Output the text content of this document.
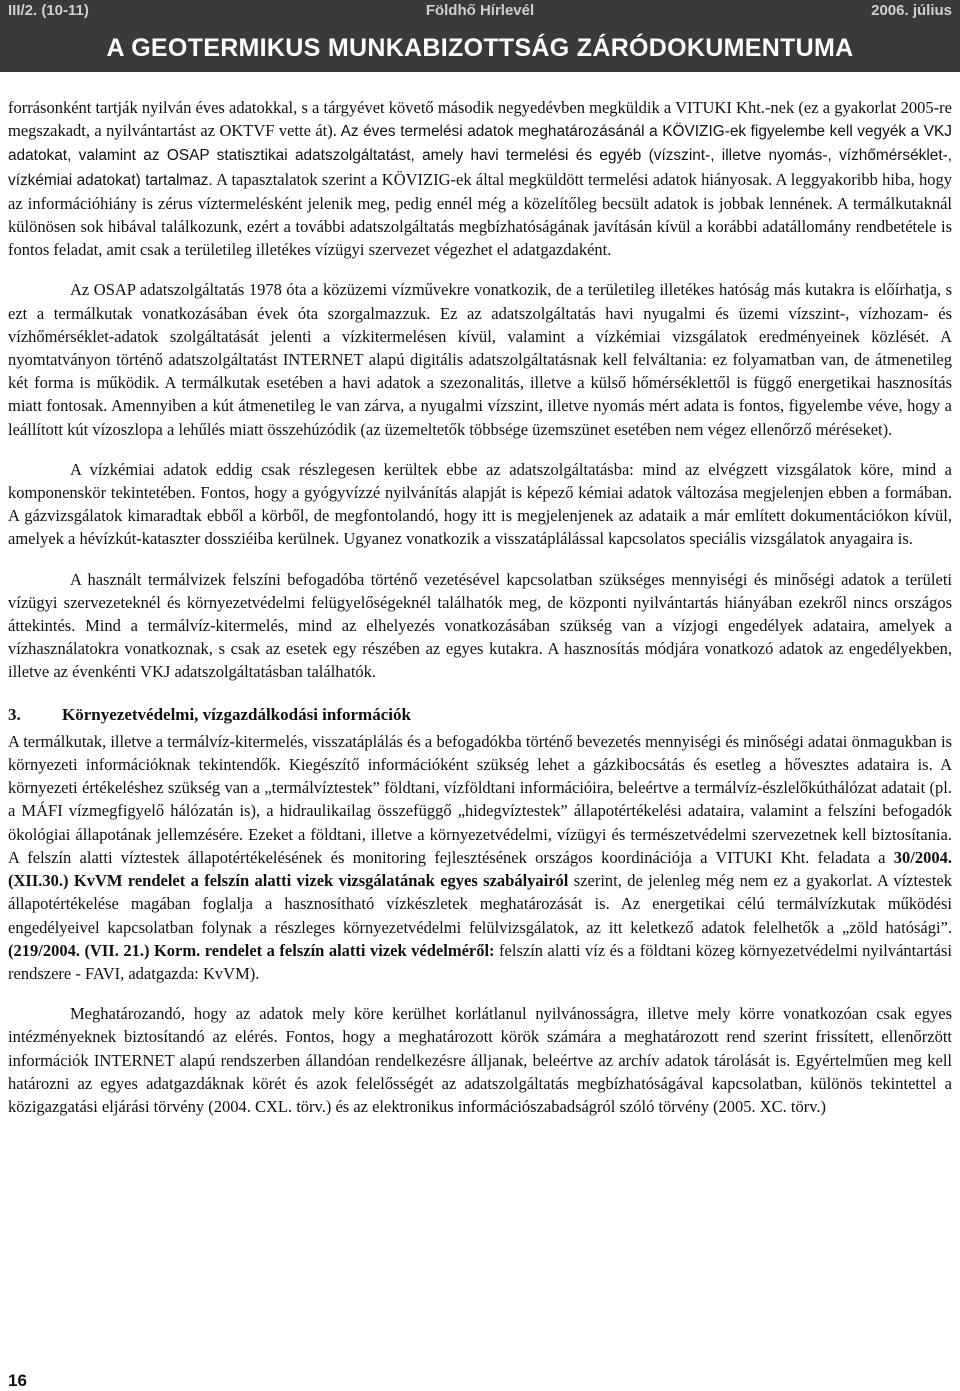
III/2. (10-11)	Földhő Hírlevél	2006. július
A GEOTERMIKUS MUNKABIZOTTSÁG ZÁRÓDOKUMENTUMA

forrásonként tartják nyilván éves adatokkal, s a tárgyévet követő második negyedévben megküldik a VITUKI Kht.-nek (ez a gyakorlat 2005-re megszakadt, a nyilvántartást az OKTVF vette át). Az éves termelési adatok meghatározásánál a KÖVIZIG-ek figyelembe kell vegyék a VKJ adatokat, valamint az OSAP statisztikai adatszolgáltatást, amely havi termelési és egyéb (vízszint-, illetve nyomás-, vízhőmérséklet-, vízkémiai adatokat) tartalmaz. A tapasztalatok szerint a KÖVIZIG-ek által megküldött termelési adatok hiányosak. A leggyakoribb hiba, hogy az információhiány is zérus víztermelésként jelenik meg, pedig ennél még a közelítőleg becsült adatok is jobbak lennének. A termálkutaknál különösen sok hibával találkozunk, ezért a további adatszolgáltatás megbízhatóságának javításán kívül a korábbi adatállomány rendbetétele is fontos feladat, amit csak a területileg illetékes vízügyi szervezet végezhet el adatgazdaként.

Az OSAP adatszolgáltatás 1978 óta a közüzemi vízművekre vonatkozik, de a területileg illetékes hatóság más kutakra is előírhatja, s ezt a termálkutak vonatkozásában évek óta szorgalmazzuk. Ez az adatszolgáltatás havi nyugalmi és üzemi vízszint-, vízhozam- és vízhőmérséklet-adatok szolgáltatását jelenti a vízkitermelésen kívül, valamint a vízkémiai vizsgálatok eredményeinek közlését. A nyomtatványon történő adatszolgáltatást INTERNET alapú digitális adatszolgáltatásnak kell felváltania: ez folyamatban van, de átmenetileg két forma is működik. A termálkutak esetében a havi adatok a szezonalitás, illetve a külső hőmérséklettől is függő energetikai hasznosítás miatt fontosak. Amennyiben a kút átmenetileg le van zárva, a nyugalmi vízszint, illetve nyomás mért adata is fontos, figyelembe véve, hogy a leállított kút vízoszlopa a lehűlés miatt összehúzódik (az üzemeltetők többsége üzemszünet esetében nem végez ellenőrző méréseket).

A vízkémiai adatok eddig csak részlegesen kerültek ebbe az adatszolgáltatásba: mind az elvégzett vizsgálatok köre, mind a komponenskör tekintetében. Fontos, hogy a gyógyvízzé nyilvánítás alapját is képező kémiai adatok változása megjelenjen ebben a formában. A gázvizsgálatok kimaradtak ebből a körből, de megfontolandó, hogy itt is megjelenjenek az adataik a már említett dokumentációkon kívül, amelyek a hévízkút-kataszter dossziéiba kerülnek. Ugyanez vonatkozik a visszatáplálással kapcsolatos speciális vizsgálatok anyagaira is.

A használt termálvizek felszíni befogadóba történő vezetésével kapcsolatban szükséges mennyiségi és minőségi adatok a területi vízügyi szervezeteknél és környezetvédelmi felügyelőségeknél találhatók meg, de központi nyilvántartás hiányában ezekről nincs országos áttekintés. Mind a termálvíz-kitermelés, mind az elhelyezés vonatkozásában szükség van a vízjogi engedélyek adataira, amelyek a vízhasználatokra vonatkoznak, s csak az esetek egy részében az egyes kutakra. A hasznosítás módjára vonatkozó adatok az engedélyekben, illetve az évenkénti VKJ adatszolgáltatásban találhatók.

3. Környezetvédelmi, vízgazdálkodási információk

A termálkutak, illetve a termálvíz-kitermelés, visszatáplálás és a befogadókba történő bevezetés mennyiségi és minőségi adatai önmagukban is környezeti információknak tekintendők. Kiegészítő információként szükség lehet a gázkibocsátás és esetleg a hővesztes adataira is. A környezeti értékeléshez szükség van a „termálvíztestek” földtani, vízföldtani információira, beleértve a termálvíz-észlelőkúthálózat adatait (pl. a MÁFI vízmegfigyelő hálózatán is), a hidraulikailag összefüggő „hidegvíztestek” állapotértékelési adataira, valamint a felszíni befogadók ökológiai állapotának jellemzésére. Ezeket a földtani, illetve a környezetvédelmi, vízügyi és természetvédelmi szervezetnek kell biztosítania. A felszín alatti víztestek állapotértékelésének és monitoring fejlesztésének országos koordinációja a VITUKI Kht. feladata a 30/2004. (XII.30.) KvVM rendelet a felszín alatti vizek vizsgálatának egyes szabályairól szerint, de jelenleg még nem ez a gyakorlat. A víztestek állapotértékelése magában foglalja a hasznosítható vízkészletek meghatározását is. Az energetikai célú termálvízkutak működési engedélyeivel kapcsolatban folynak a részleges környezetvédelmi felülvizsgálatok, az itt keletkező adatok felelhetők a „zöld hatósági”. (219/2004. (VII. 21.) Korm. rendelet a felszín alatti vizek védelméről: felszín alatti víz és a földtani közeg környezetvédelmi nyilvántartási rendszere - FAVI, adatgazda: KvVM).

Meghatározandó, hogy az adatok mely köre kerülhet korlátlanul nyilvánosságra, illetve mely körre vonatkozóan csak egyes intézményeknek biztosítandó az elérés. Fontos, hogy a meghatározott körök számára a meghatározott rend szerint frissített, ellenőrzött információk INTERNET alapú rendszerben állandóan rendelkezésre álljanak, beleértve az archív adatok tárolását is. Egyértelműen meg kell határozni az egyes adatgazdáknak körét és azok felelősségét az adatszolgáltatás megbízhatóságával kapcsolatban, különös tekintettel a közigazgatási eljárási törvény (2004. CXL. törv.) és az elektronikus információszabadságról szóló törvény (2005. XC. törv.)

16
